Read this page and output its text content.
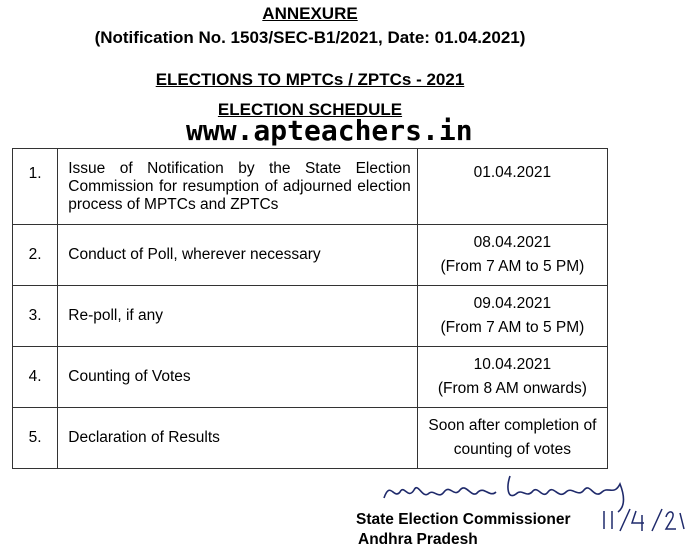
ANNEXURE
(Notification No. 1503/SEC-B1/2021, Date: 01.04.2021)
ELECTIONS TO MPTCs / ZPTCs - 2021
ELECTION SCHEDULE
www.apteachers.in
1.	Issue of Notification by the State Election Commission for resumption of adjourned election process of MPTCs and ZPTCs	01.04.2021

2.	Conduct of Poll, wherever necessary	08.04.2021
(From 7 AM to 5 PM)

3.	Re-poll, if any	09.04.2021
(From 7 AM to 5 PM)

4.	Counting of Votes	10.04.2021
(From 8 AM onwards)

5.	Declaration of Results	Soon after completion of
counting of votes
State Election Commissioner
Andhra Pradesh
